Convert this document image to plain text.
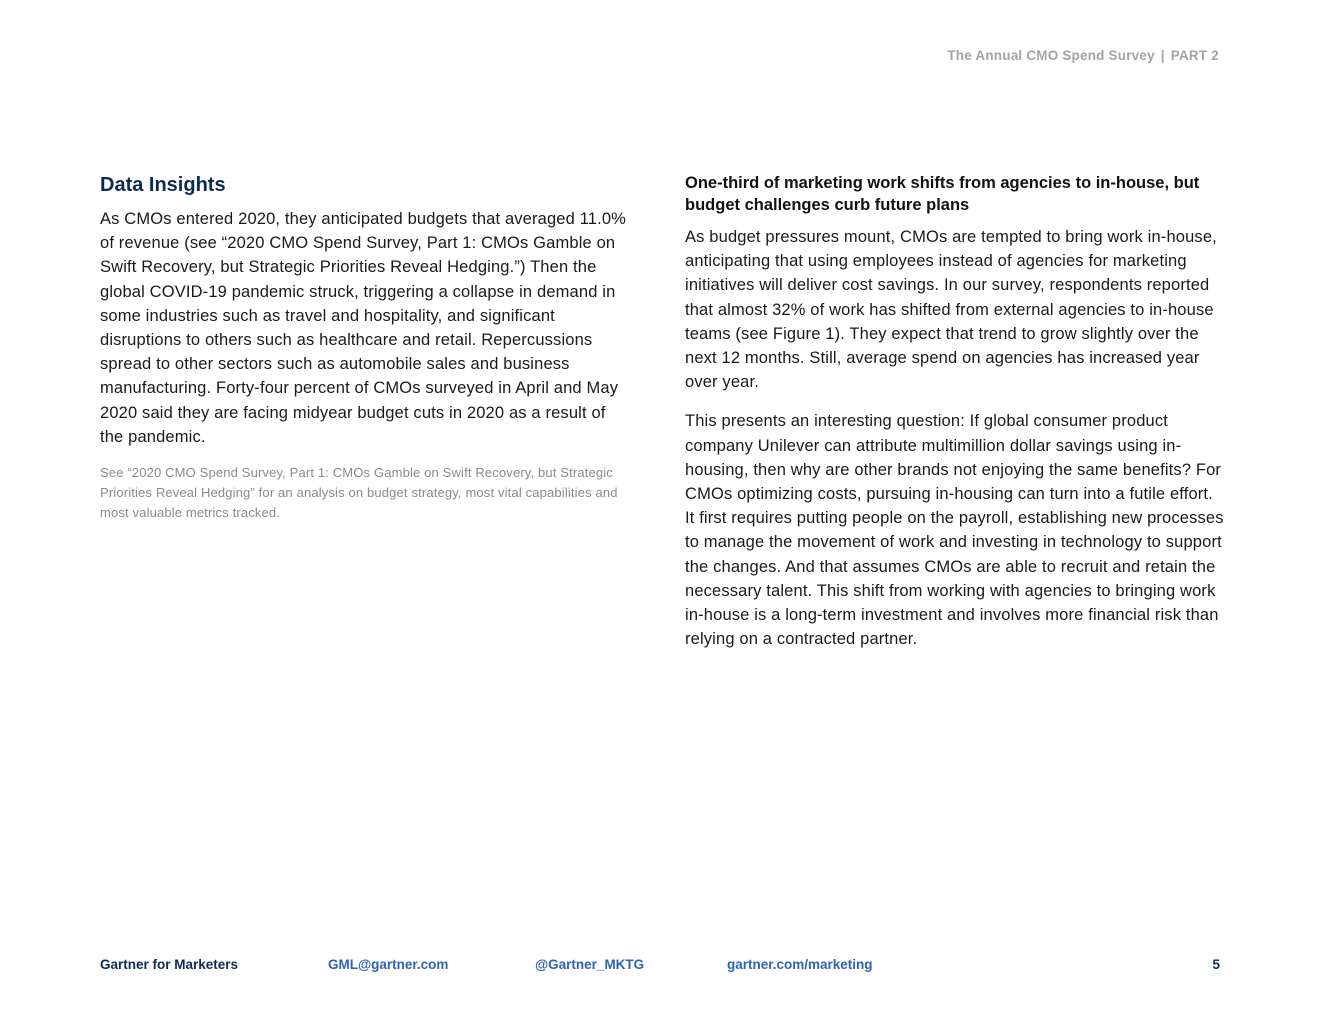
The Annual CMO Spend Survey | PART 2
Data Insights

As CMOs entered 2020, they anticipated budgets that averaged 11.0% of revenue (see “2020 CMO Spend Survey, Part 1: CMOs Gamble on Swift Recovery, but Strategic Priorities Reveal Hedging.”) Then the global COVID-19 pandemic struck, triggering a collapse in demand in some industries such as travel and hospitality, and significant disruptions to others such as healthcare and retail. Repercussions spread to other sectors such as automobile sales and business manufacturing. Forty-four percent of CMOs surveyed in April and May 2020 said they are facing midyear budget cuts in 2020 as a result of the pandemic.

See “2020 CMO Spend Survey, Part 1: CMOs Gamble on Swift Recovery, but Strategic Priorities Reveal Hedging” for an analysis on budget strategy, most vital capabilities and most valuable metrics tracked.

One-third of marketing work shifts from agencies to in-house, but budget challenges curb future plans

As budget pressures mount, CMOs are tempted to bring work in-house, anticipating that using employees instead of agencies for marketing initiatives will deliver cost savings. In our survey, respondents reported that almost 32% of work has shifted from external agencies to in-house teams (see Figure 1). They expect that trend to grow slightly over the next 12 months. Still, average spend on agencies has increased year over year.

This presents an interesting question: If global consumer product company Unilever can attribute multimillion dollar savings using in-housing, then why are other brands not enjoying the same benefits? For CMOs optimizing costs, pursuing in-housing can turn into a futile effort. It first requires putting people on the payroll, establishing new processes to manage the movement of work and investing in technology to support the changes. And that assumes CMOs are able to recruit and retain the necessary talent. This shift from working with agencies to bringing work in-house is a long-term investment and involves more financial risk than relying on a contracted partner.

Gartner for Marketers	GML@gartner.com	@Gartner_MKTG	gartner.com/marketing	5
